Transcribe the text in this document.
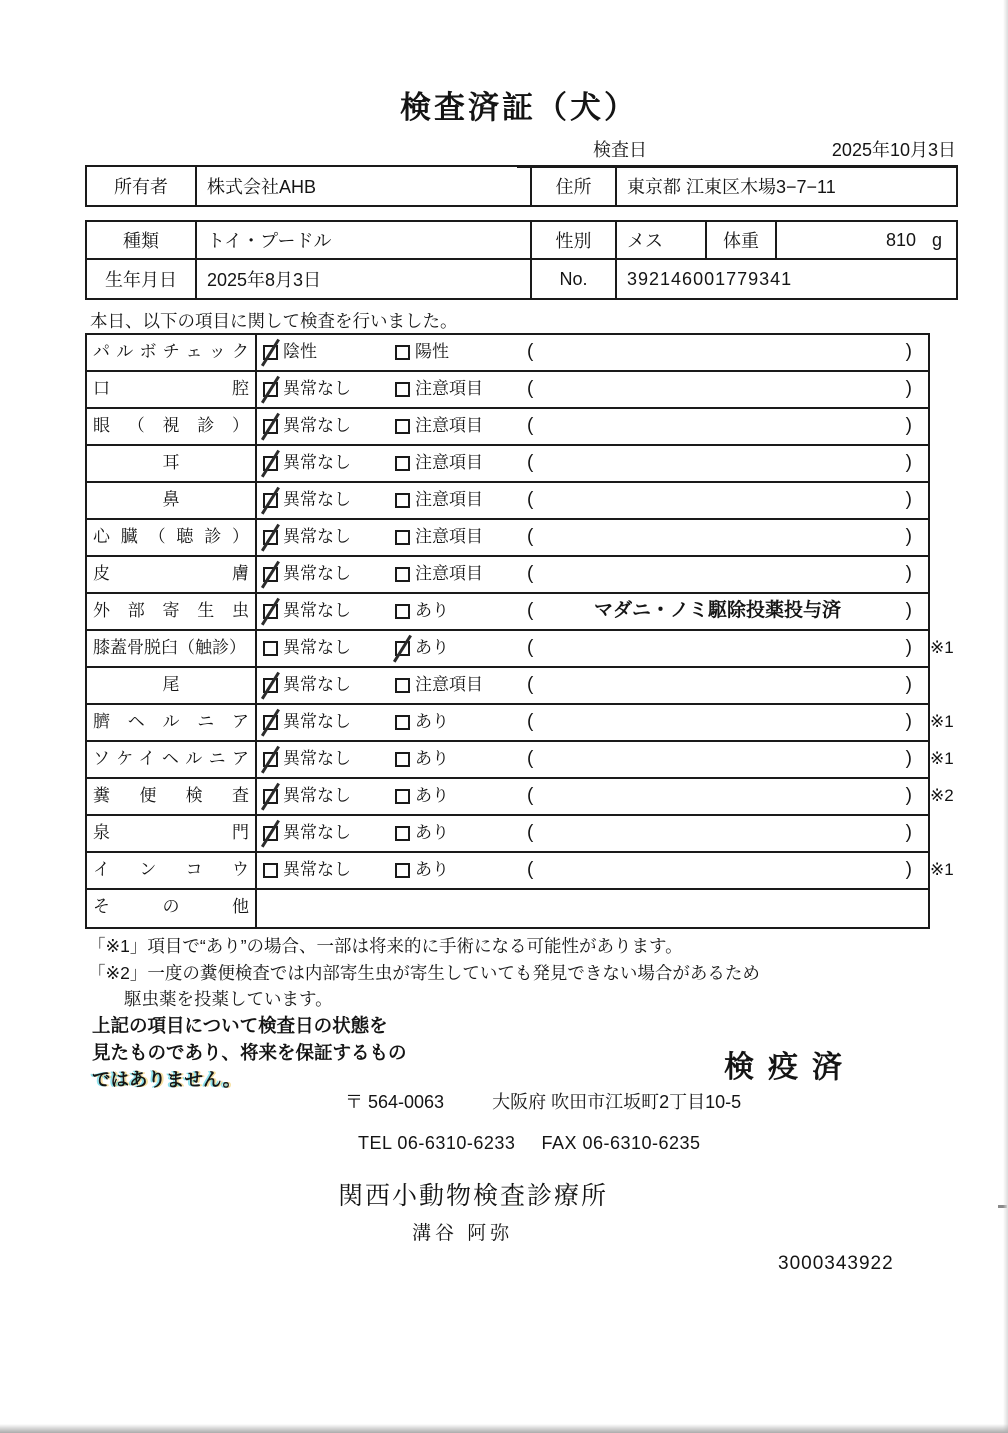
検査済証（犬）
検査日	2025年10月3日
所有者	株式会社AHB	住所	東京都 江東区木場3−7−11
種類	トイ・プードル	性別	メス	体重	810 g
生年月日	2025年8月3日	No.	392146001779341
本日、以下の項目に関して検査を行いました。
パルボチェック	陰性	陽性	(	)
口腔	異常なし	注意項目 (	)
眼（視診）	異常なし	注意項目 (	)
耳	異常なし	注意項目 (	)
鼻	異常なし	注意項目 (	)
心臓（聴診）	異常なし	注意項目 (	)
皮膚	異常なし	注意項目 (	)
外部寄生虫	異常なし	あり	(	マダニ・ノミ駆除投薬投与済	)
膝蓋骨脱臼（触診）	異常なし	あり	(	) ※1
尾	異常なし	注意項目 (	)
臍ヘルニア	異常なし	あり	(	) ※1
ソケイヘルニア	異常なし	あり	(	) ※1
糞便検査	異常なし	あり	(	) ※2
泉門	異常なし	あり	(	)
インコウ	異常なし	あり	(	) ※1
その他
「※1」項目で“あり”の場合、一部は将来的に手術になる可能性があります。
「※2」一度の糞便検査では内部寄生虫が寄生していても発見できない場合があるため
駆虫薬を投薬しています。
上記の項目について検査日の状態を
見たものであり、将来を保証するもの
ではありません。	検疫済
〒 564-0063	大阪府 吹田市江坂町2丁目10-5
TEL 06-6310-6233 FAX 06-6310-6235
関西小動物検査診療所
溝谷 阿弥
3000343922
